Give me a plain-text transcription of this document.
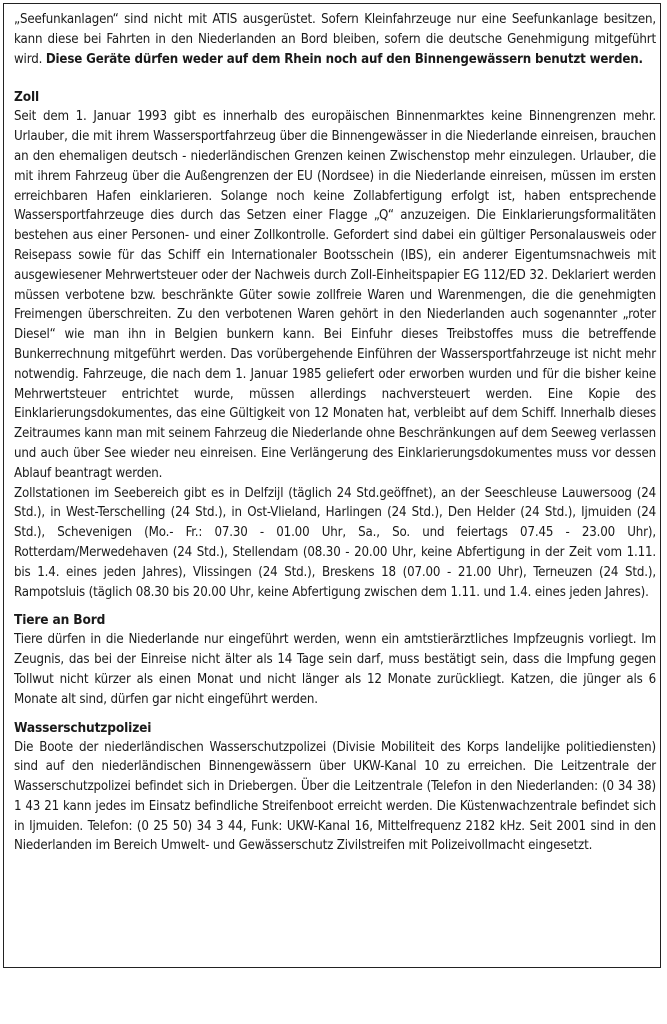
„Seefunkanlagen“ sind nicht mit ATIS ausgerüstet. Sofern Kleinfahrzeuge nur eine Seefunkanlage besitzen, kann diese bei Fahrten in den Niederlanden an Bord bleiben, sofern die deutsche Genehmigung mitgeführt wird. Diese Geräte dürfen weder auf dem Rhein noch auf den Binnengewässern benutzt werden.

Zoll

Seit dem 1. Januar 1993 gibt es innerhalb des europäischen Binnenmarktes keine Binnengrenzen mehr. Urlauber, die mit ihrem Wassersportfahrzeug über die Binnengewässer in die Niederlande einreisen, brauchen an den ehemaligen deutsch - niederländischen Grenzen keinen Zwischenstop mehr einzulegen. Urlauber, die mit ihrem Fahrzeug über die Außengrenzen der EU (Nordsee) in die Niederlande einreisen, müssen im ersten erreichbaren Hafen einklarieren. Solange noch keine Zollabfertigung erfolgt ist, haben entsprechende Wassersportfahrzeuge dies durch das Setzen einer Flagge „Q“ anzuzeigen. Die Einklarierungsformalitäten bestehen aus einer Personen- und einer Zollkontrolle. Gefordert sind dabei ein gültiger Personalausweis oder Reisepass sowie für das Schiff ein Internationaler Bootsschein (IBS), ein anderer Eigentumsnachweis mit ausgewiesener Mehrwertsteuer oder der Nachweis durch Zoll-Einheitspapier EG 112/ED 32. Deklariert werden müssen verbotene bzw. beschränkte Güter sowie zollfreie Waren und Warenmengen, die die genehmigten Freimengen überschreiten. Zu den verbotenen Waren gehört in den Niederlanden auch sogenannter „roter Diesel“ wie man ihn in Belgien bunkern kann. Bei Einfuhr dieses Treibstoffes muss die betreffende Bunkerrechnung mitgeführt werden. Das vorübergehende Einführen der Wassersportfahrzeuge ist nicht mehr notwendig. Fahrzeuge, die nach dem 1. Januar 1985 geliefert oder erworben wurden und für die bisher keine Mehrwertsteuer entrichtet wurde, müssen allerdings nachversteuert werden. Eine Kopie des Einklarierungsdokumentes, das eine Gültigkeit von 12 Monaten hat, verbleibt auf dem Schiff. Innerhalb dieses Zeitraumes kann man mit seinem Fahrzeug die Niederlande ohne Beschränkungen auf dem Seeweg verlassen und auch über See wieder neu einreisen. Eine Verlängerung des Einklarierungsdokumentes muss vor dessen Ablauf beantragt werden.

Zollstationen im Seebereich gibt es in Delfzijl (täglich 24 Std.geöffnet), an der Seeschleuse Lauwersoog (24 Std.), in West-Terschelling (24 Std.), in Ost-Vlieland, Harlingen (24 Std.), Den Helder (24 Std.), Ijmuiden (24 Std.), Schevenigen (Mo.- Fr.: 07.30 - 01.00 Uhr, Sa., So. und feiertags 07.45 - 23.00 Uhr), Rotterdam/Merwedehaven (24 Std.), Stellendam (08.30 - 20.00 Uhr, keine Abfertigung in der Zeit vom 1.11. bis 1.4. eines jeden Jahres), Vlissingen (24 Std.), Breskens 18 (07.00 - 21.00 Uhr), Terneuzen (24 Std.), Rampotsluis (täglich 08.30 bis 20.00 Uhr, keine Abfertigung zwischen dem 1.11. und 1.4. eines jeden Jahres).

Tiere an Bord

Tiere dürfen in die Niederlande nur eingeführt werden, wenn ein amtstierärztliches Impfzeugnis vorliegt. Im Zeugnis, das bei der Einreise nicht älter als 14 Tage sein darf, muss bestätigt sein, dass die Impfung gegen Tollwut nicht kürzer als einen Monat und nicht länger als 12 Monate zurückliegt. Katzen, die jünger als 6 Monate alt sind, dürfen gar nicht eingeführt werden.

Wasserschutzpolizei

Die Boote der niederländischen Wasserschutzpolizei (Divisie Mobiliteit des Korps landelijke politiediensten) sind auf den niederländischen Binnengewässern über UKW-Kanal 10 zu erreichen. Die Leitzentrale der Wasserschutzpolizei befindet sich in Driebergen. Über die Leitzentrale (Telefon in den Niederlanden: (0 34 38) 1 43 21 kann jedes im Einsatz befindliche Streifenboot erreicht werden. Die Küstenwachzentrale befindet sich in Ijmuiden. Telefon: (0 25 50) 34 3 44, Funk: UKW-Kanal 16, Mittelfrequenz 2182 kHz. Seit 2001 sind in den Niederlanden im Bereich Umwelt- und Gewässerschutz Zivilstreifen mit Polizeivollmacht eingesetzt.
